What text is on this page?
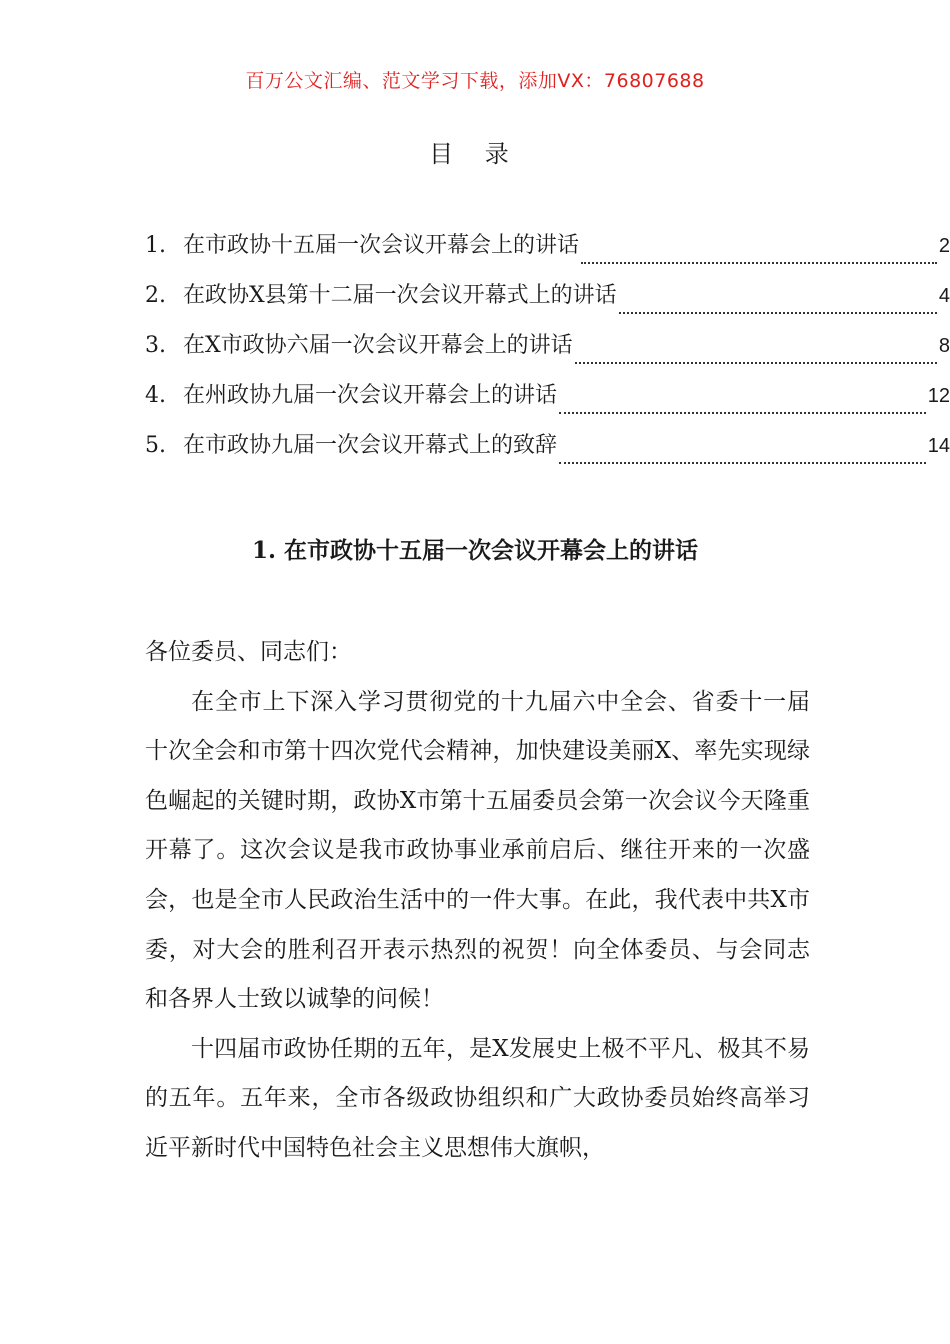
百万公文汇编、范文学习下载，添加VX：76807688
目 录
1. 在市政协十五届一次会议开幕会上的讲话	2
2. 在政协X县第十二届一次会议开幕式上的讲话	4
3. 在X市政协六届一次会议开幕会上的讲话	8
4. 在州政协九届一次会议开幕会上的讲话	12
5. 在市政协九届一次会议开幕式上的致辞	14
1. 在市政协十五届一次会议开幕会上的讲话

各位委员、同志们：

在全市上下深入学习贯彻党的十九届六中全会、省委十一届十次全会和市第十四次党代会精神，加快建设美丽X、率先实现绿色崛起的关键时期，政协X市第十五届委员会第一次会议今天隆重开幕了。这次会议是我市政协事业承前启后、继往开来的一次盛会，也是全市人民政治生活中的一件大事。在此，我代表中共X市委，对大会的胜利召开表示热烈的祝贺！向全体委员、与会同志和各界人士致以诚挚的问候！

十四届市政协任期的五年，是X发展史上极不平凡、极其不易的五年。五年来，全市各级政协组织和广大政协委员始终高举习近平新时代中国特色社会主义思想伟大旗帜，
